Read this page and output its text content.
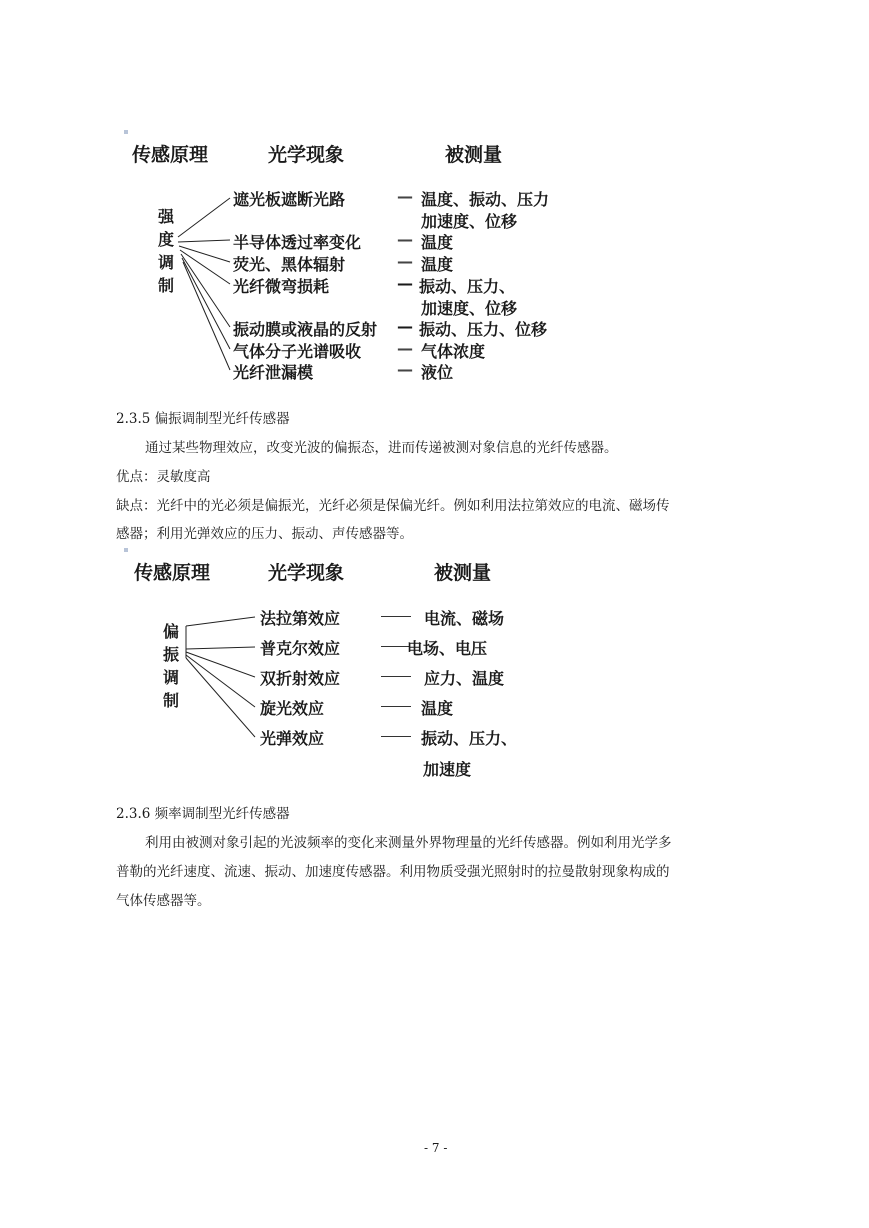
传感原理	光学现象	被测量
强
度
调
制
遮光板遮断光路	— 温度、振动、压力
加速度、位移
半导体透过率变化 — 温度
荧光、黑体辐射	— 温度
光纤微弯损耗	— 振动、压力、
加速度、位移
振动膜或液晶的反射 — 振动、压力、位移
气体分子光谱吸收 — 气体浓度
光纤泄漏模	— 液位
2.3.5 偏振调制型光纤传感器
通过某些物理效应，改变光波的偏振态，进而传递被测对象信息的光纤传感器。
优点：灵敏度高
缺点：光纤中的光必须是偏振光，光纤必须是保偏光纤。例如利用法拉第效应的电流、磁场传
感器；利用光弹效应的压力、振动、声传感器等。
传感原理	光学现象	被测量
偏
振
调
制
法拉第效应	电流、磁场
普克尔效应	电场、电压
双折射效应	应力、温度
旋光效应	温度
光弹效应	振动、压力、
加速度
2.3.6 频率调制型光纤传感器
利用由被测对象引起的光波频率的变化来测量外界物理量的光纤传感器。例如利用光学多
普勒的光纤速度、流速、振动、加速度传感器。利用物质受强光照射时的拉曼散射现象构成的
气体传感器等。
- 7 -
